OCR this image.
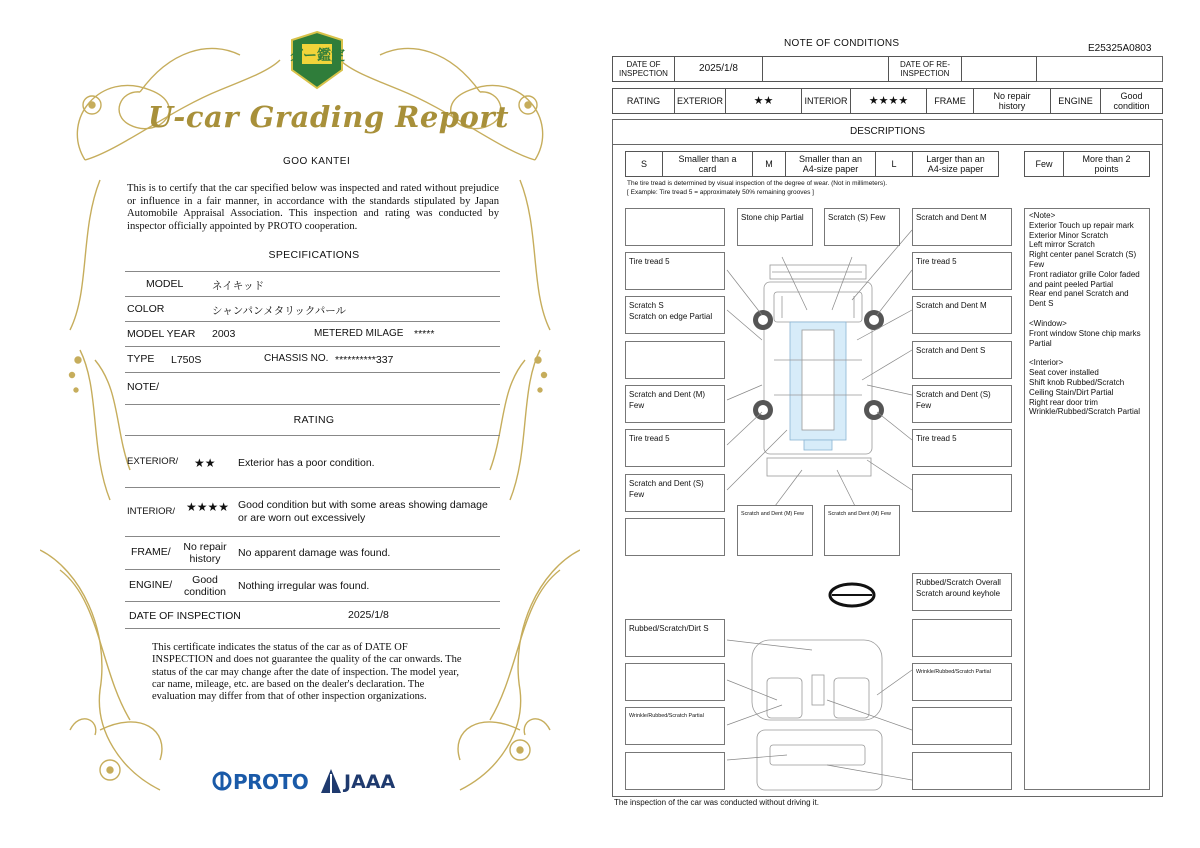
グー鑑定
U-car Grading Report
GOO KANTEI
This is to certify that the car specified below was inspected and rated without prejudice or influence in a fair manner, in accordance with the standards stipulated by Japan Automobile Appraisal Association. This inspection and rating was conducted by inspector officially appointed by PROTO cooperation.
SPECIFICATIONS
MODEL	ネイキッド
COLOR	シャンパンメタリックパール
MODEL YEAR 2003	METERED MILAGE *****
TYPE L750S	CHASSIS NO. **********337
NOTE/
RATING
EXTERIOR/ ★★ Exterior has a poor condition.
INTERIOR/ ★★★★ Good condition but with some areas showing damage or are worn out excessively
FRAME/	No repair history	No apparent damage was found.
ENGINE/	Good condition	Nothing irregular was found.
DATE OF INSPECTION	2025/1/8
This certificate indicates the status of the car as of DATE OF INSPECTION and does not guarantee the quality of the car onwards. The status of the car may change after the date of inspection. The model year, car name, mileage, etc. are based on the dealer's declaration. The evaluation may differ from that of other inspection organizations.
PROTO JAAA
NOTE OF CONDITIONS	E25325A0803
DATE OF INSPECTION	2025/1/8	DATE OF RE-INSPECTION
RATING	EXTERIOR	★★	INTERIOR	★★★★	FRAME	No repair history	ENGINE	Good condition
DESCRIPTIONS
S	Smaller than a card	M	Smaller than an A4-size paper	L	Larger than an A4-size paper	Few	More than 2 points
The tire tread is determined by visual inspection of the degree of wear. (Not in millimeters).
[ Example: Tire tread 5 = approximately 50% remaining grooves ]
Tire tread 5
Scratch S
Scratch on edge Partial
Scratch and Dent (M) Few
Tire tread 5
Scratch and Dent (S) Few
Stone chip Partial	Scratch (S) Few
Scratch and Dent (M) Few	Scratch and Dent (M) Few
Scratch and Dent M
Tire tread 5
Scratch and Dent M
Scratch and Dent S
Scratch and Dent (S) Few
Tire tread 5
Rubbed/Scratch Overall
Scratch around keyhole
Rubbed/Scratch/Dirt S
Wrinkle/Rubbed/Scratch Partial
Wrinkle/Rubbed/Scratch Partial
<Note>
Exterior Touch up repair mark
Exterior Minor Scratch
Left mirror Scratch
Right center panel Scratch (S) Few
Front radiator grille Color faded and paint peeled Partial
Rear end panel Scratch and Dent S
<Window>
Front window Stone chip marks Partial
<Interior>
Seat cover installed
Shift knob Rubbed/Scratch
Ceiling Stain/Dirt Partial
Right rear door trim
Wrinkle/Rubbed/Scratch Partial
The inspection of the car was conducted without driving it.
